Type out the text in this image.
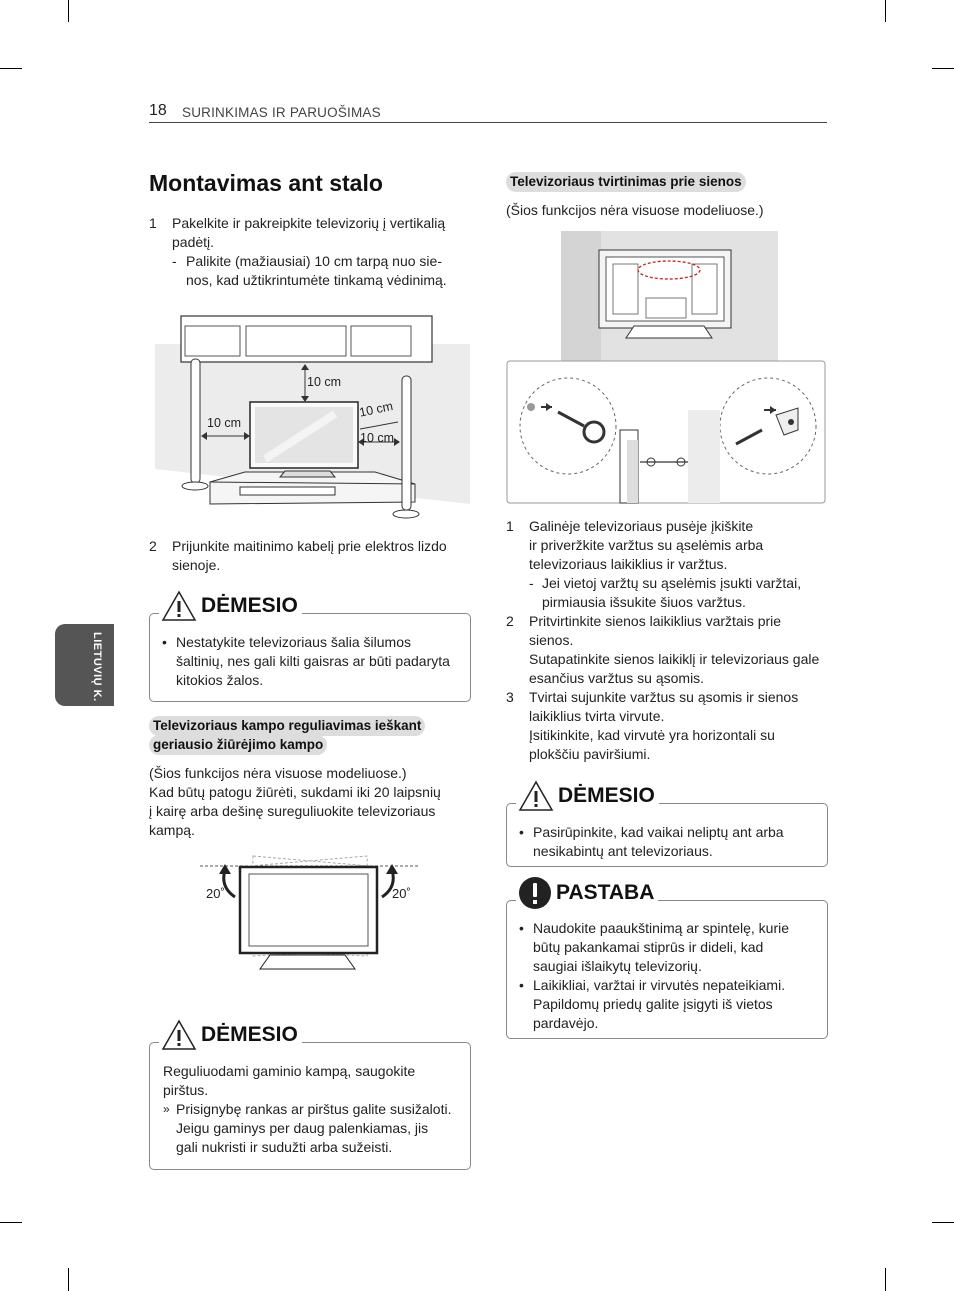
18 SURINKIMAS IR PARUOŠIMAS
LIETUVIŲ K.
Montavimas ant stalo
1 Pakelkite ir pakreipkite televizorių į vertikalią
padėtį.
- Palikite (mažiausiai) 10 cm tarpą nuo sie-
nos, kad užtikrintumėte tinkamą vėdinimą.
10 cm
10 cm
10 cm
10 cm
2 Prijunkite maitinimo kabelį prie elektros lizdo
sienoje.
DĖMESIO
• Nestatykite televizoriaus šalia šilumos
šaltinių, nes gali kilti gaisras ar būti padaryta
kitokios žalos.
Televizoriaus kampo reguliavimas ieškant
geriausio žiūrėjimo kampo
(Šios funkcijos nėra visuose modeliuose.)
Kad būtų patogu žiūrėti, sukdami iki 20 laipsnių
į kairę arba dešinę sureguliuokite televizoriaus
kampą.
20˚	20˚
DĖMESIO
Reguliuodami gaminio kampą, saugokite
pirštus.
» Prisignybę rankas ar pirštus galite susižaloti.
Jeigu gaminys per daug palenkiamas, jis
gali nukristi ir sudužti arba sužeisti.
Televizoriaus tvirtinimas prie sienos
(Šios funkcijos nėra visuose modeliuose.)
1 Galinėje televizoriaus pusėje įkiškite
ir priveržkite varžtus su ąselėmis arba
televizoriaus laikiklius ir varžtus.
- Jei vietoj varžtų su ąselėmis įsukti varžtai,
pirmiausia išsukite šiuos varžtus.
2 Pritvirtinkite sienos laikiklius varžtais prie
sienos.
Sutapatinkite sienos laikiklį ir televizoriaus gale
esančius varžtus su ąsomis.
3 Tvirtai sujunkite varžtus su ąsomis ir sienos
laikiklius tvirta virvute.
Įsitikinkite, kad virvutė yra horizontali su
plokščiu paviršiumi.
DĖMESIO
• Pasirūpinkite, kad vaikai neliptų ant arba
nesikabintų ant televizoriaus.
PASTABA
• Naudokite paaukštinimą ar spintelę, kurie
būtų pakankamai stiprūs ir dideli, kad
saugiai išlaikytų televizorių.
• Laikikliai, varžtai ir virvutės nepateikiami.
Papildomų priedų galite įsigyti iš vietos
pardavėjo.
